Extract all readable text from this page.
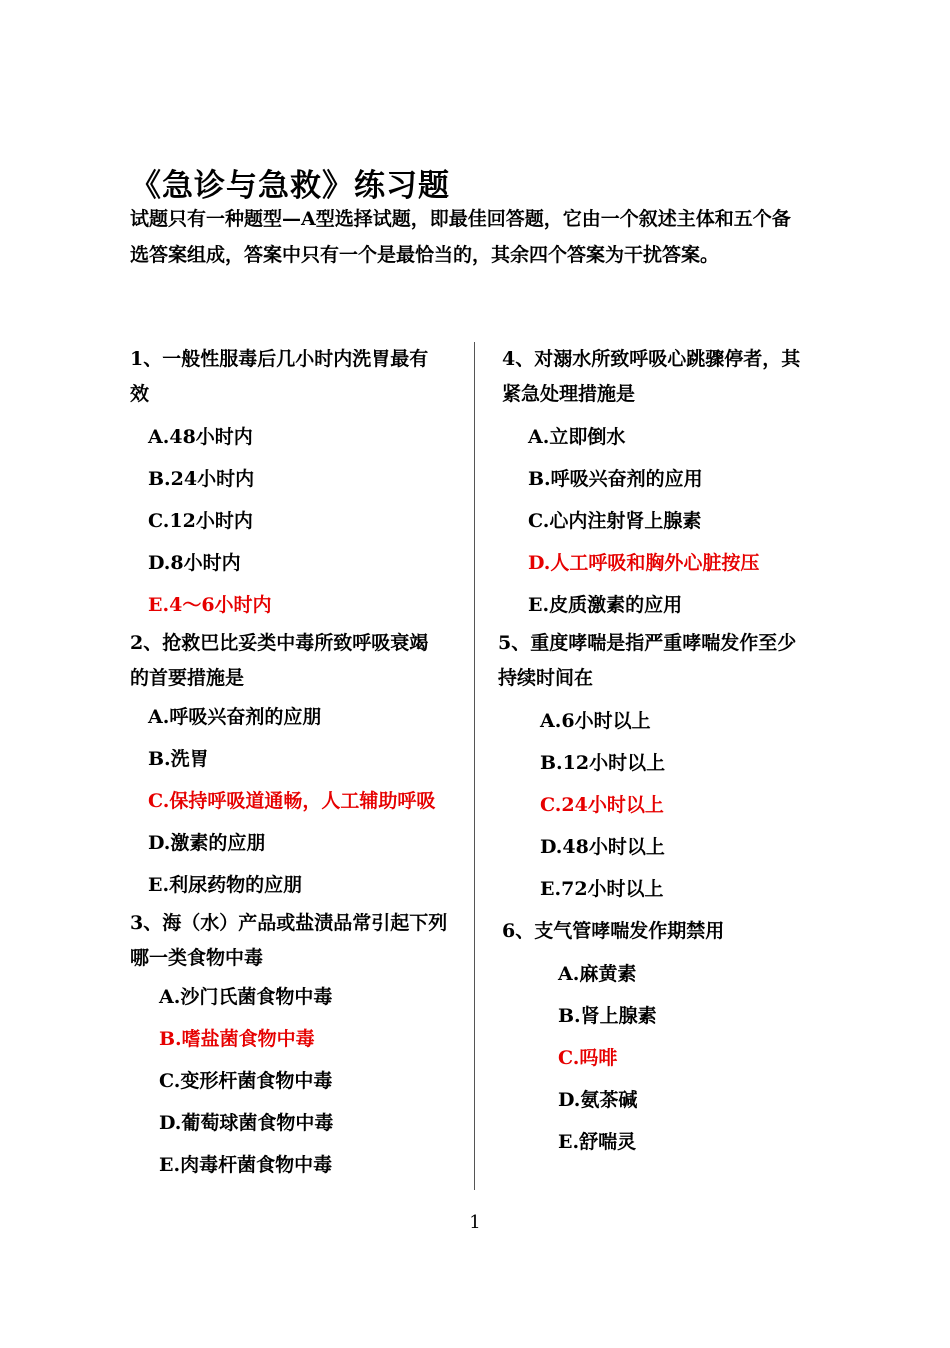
《急诊与急救》练习题

试题只有一种题型—A型选择试题，即最佳回答题，它由一个叙述主体和五个备

选答案组成，答案中只有一个是最恰当的，其余四个答案为干扰答案。

1、一般性服毒后几小时内洗胃最有
效

A.48小时内

B.24小时内

C.12小时内

D.8小时内

E.4～6小时内

2、抢救巴比妥类中毒所致呼吸衰竭
的首要措施是

A.呼吸兴奋剂的应朋

B.洗胃

C.保持呼吸道通畅，人工辅助呼吸

D.激素的应朋

E.利尿药物的应朋

3、海（水）产品或盐渍品常引起下列
哪一类食物中毒

A.沙门氏菌食物中毒

B.嗜盐菌食物中毒

C.变形杆菌食物中毒

D.葡萄球菌食物中毒

E.肉毒杆菌食物中毒

4、对溺水所致呼吸心跳骤停者，其
紧急处理措施是

A.立即倒水

B.呼吸兴奋剂的应用

C.心内注射肾上腺素

D.人工呼吸和胸外心脏按压

E.皮质激素的应用

5、重度哮喘是指严重哮喘发作至少
持续时间在

A.6小时以上

B.12小时以上

C.24小时以上

D.48小时以上

E.72小时以上

6、支气管哮喘发作期禁用

A.麻黄素

B.肾上腺素

C.吗啡

D.氨茶碱

E.舒喘灵

1
